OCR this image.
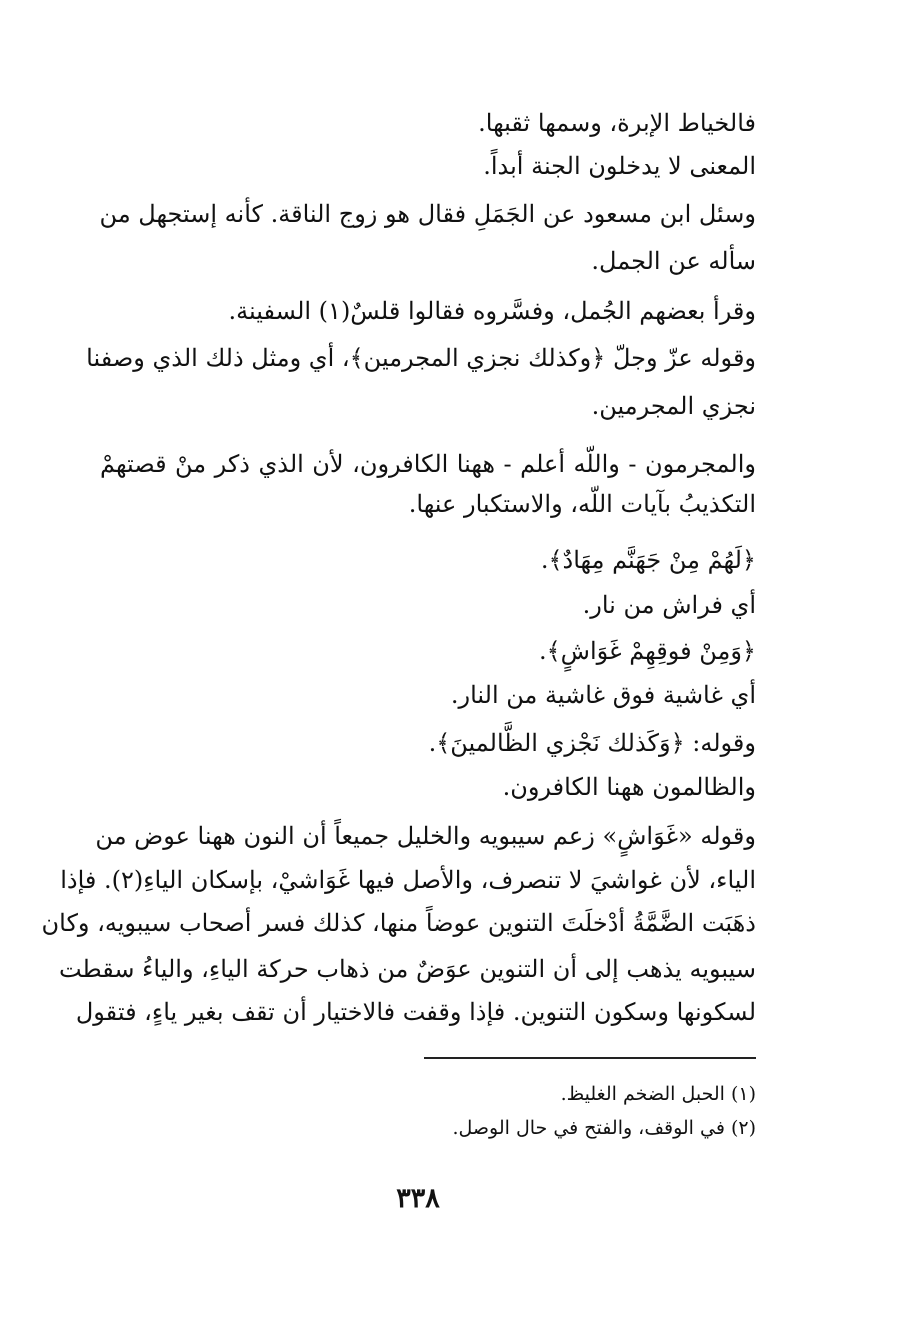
فالخياط الإبرة، وسمها ثقبها.
المعنى لا يدخلون الجنة أبداً.
وسئل ابن مسعود عن الجَمَلِ فقال هو زوج الناقة. كأنه إستجهل من
سأله عن الجمل.
وقرأ بعضهم الجُمل، وفسَّروه فقالوا قلسٌ(١) السفينة.
وقوله عزّ وجلّ ﴿وكذلك نجزي المجرمين﴾، أي ومثل ذلك الذي وصفنا
نجزي المجرمين.
والمجرمون - واللّه أعلم - ههنا الكافرون، لأن الذي ذكر منْ قصتهمْ
التكذيبُ بآيات اللّه، والاستكبار عنها.
﴿لَهُمْ مِنْ جَهَنَّم مِهَادٌ﴾.
أي فراش من نار.
﴿وَمِنْ فوقِهِمْ غَوَاشٍ﴾.
أي غاشية فوق غاشية من النار.
وقوله: ﴿وَكَذلك نَجْزي الظَّالمينَ﴾.
والظالمون ههنا الكافرون.
وقوله «غَوَاشٍ» زعم سيبويه والخليل جميعاً أن النون ههنا عوض من
الياء، لأن غواشيَ لا تنصرف، والأصل فيها غَوَاشيْ، بإسكان الياءِ(٢). فإذا
ذهَبَت الضَّمَّةُ أدْخلَتَ التنوين عوضاً منها، كذلك فسر أصحاب سيبويه، وكان
سيبويه يذهب إلى أن التنوين عوَضٌ من ذهاب حركة الياءِ، والياءُ سقطت
لسكونها وسكون التنوين. فإذا وقفت فالاختيار أن تقف بغير ياءٍ، فتقول
(١) الحبل الضخم الغليظ.
(٢) في الوقف، والفتح في حال الوصل.
٣٣٨
